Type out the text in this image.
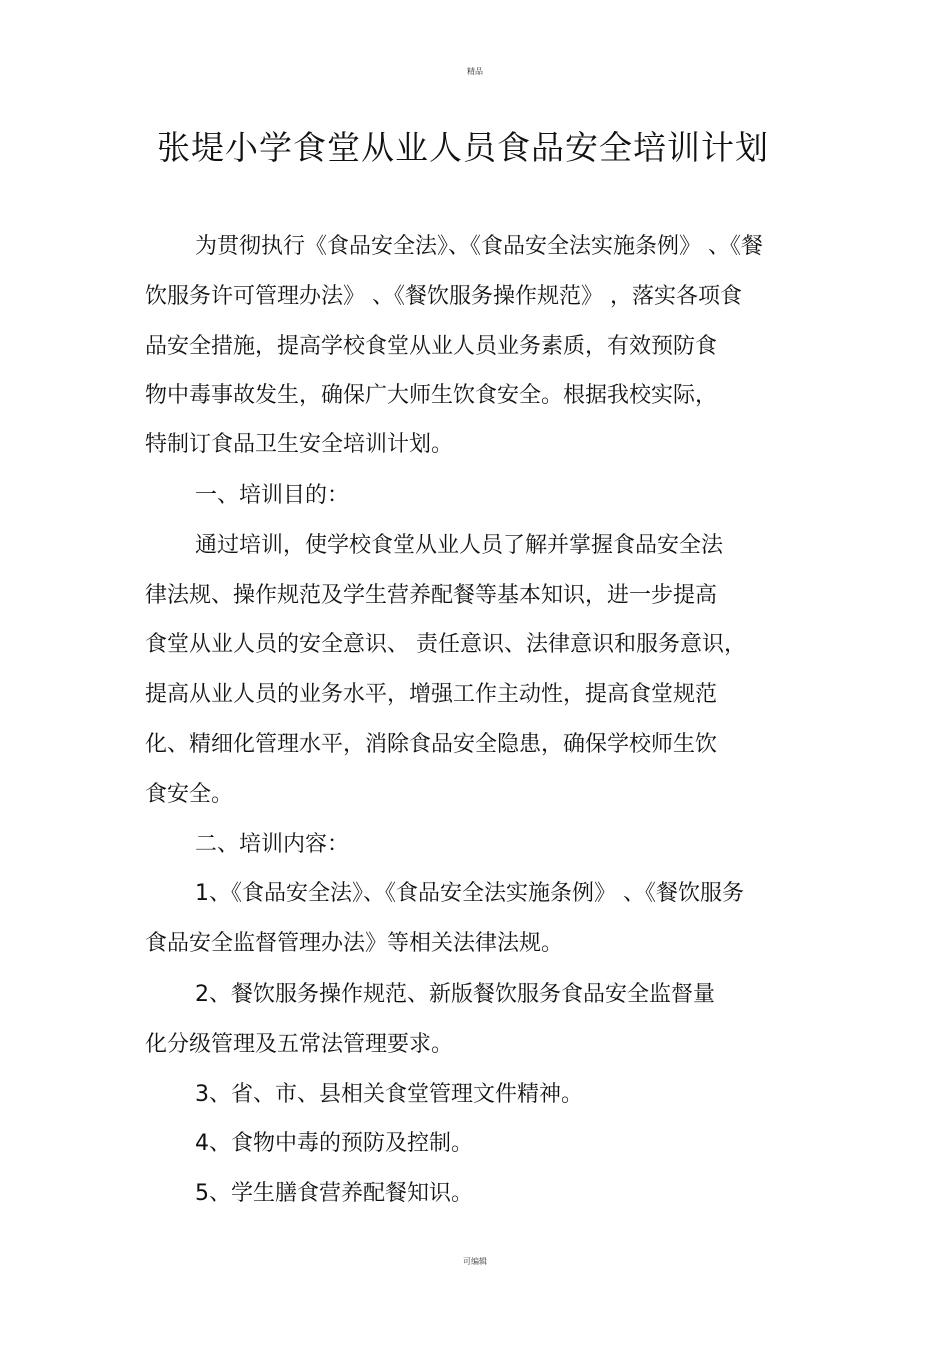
精品
张堤小学食堂从业人员食品安全培训计划
为贯彻执行《食品安全法》、《食品安全法实施条例》 、《餐
饮服务许可管理办法》 、《餐饮服务操作规范》 ，落实各项食
品安全措施，提高学校食堂从业人员业务素质，有效预防食
物中毒事故发生，确保广大师生饮食安全。根据我校实际，
特制订食品卫生安全培训计划。
一、培训目的：
通过培训，使学校食堂从业人员了解并掌握食品安全法
律法规、操作规范及学生营养配餐等基本知识，进一步提高
食堂从业人员的安全意识、 责任意识、法律意识和服务意识，
提高从业人员的业务水平，增强工作主动性，提高食堂规范
化、精细化管理水平，消除食品安全隐患，确保学校师生饮
食安全。
二、培训内容：
1、《食品安全法》、《食品安全法实施条例》 、《餐饮服务
食品安全监督管理办法》等相关法律法规。
2、餐饮服务操作规范、新版餐饮服务食品安全监督量
化分级管理及五常法管理要求。
3、省、市、县相关食堂管理文件精神。
4、食物中毒的预防及控制。
5、学生膳食营养配餐知识。
可编辑
